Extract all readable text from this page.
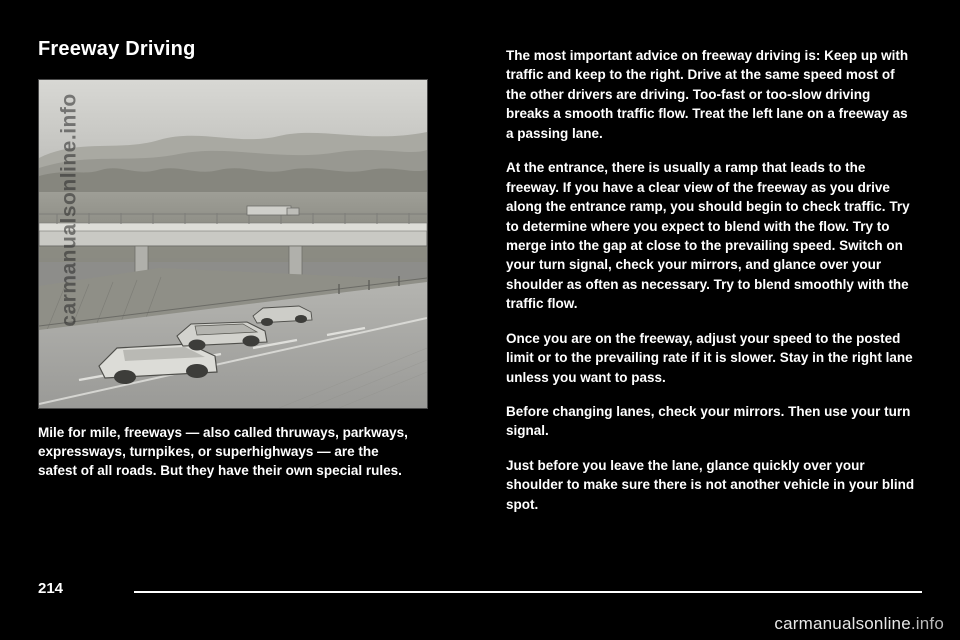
Freeway Driving
carmanualsonline.info

Mile for mile, freeways — also called thruways, parkways, expressways, turnpikes, or superhighways — are the safest of all roads. But they have their own special rules.

The most important advice on freeway driving is: Keep up with traffic and keep to the right. Drive at the same speed most of the other drivers are driving. Too-fast or too-slow driving breaks a smooth traffic flow. Treat the left lane on a freeway as a passing lane.

At the entrance, there is usually a ramp that leads to the freeway. If you have a clear view of the freeway as you drive along the entrance ramp, you should begin to check traffic. Try to determine where you expect to blend with the flow. Try to merge into the gap at close to the prevailing speed. Switch on your turn signal, check your mirrors, and glance over your shoulder as often as necessary. Try to blend smoothly with the traffic flow.

Once you are on the freeway, adjust your speed to the posted limit or to the prevailing rate if it is slower. Stay in the right lane unless you want to pass.

Before changing lanes, check your mirrors. Then use your turn signal.

Just before you leave the lane, glance quickly over your shoulder to make sure there is not another vehicle in your blind spot.

214
carmanualsonline.info
